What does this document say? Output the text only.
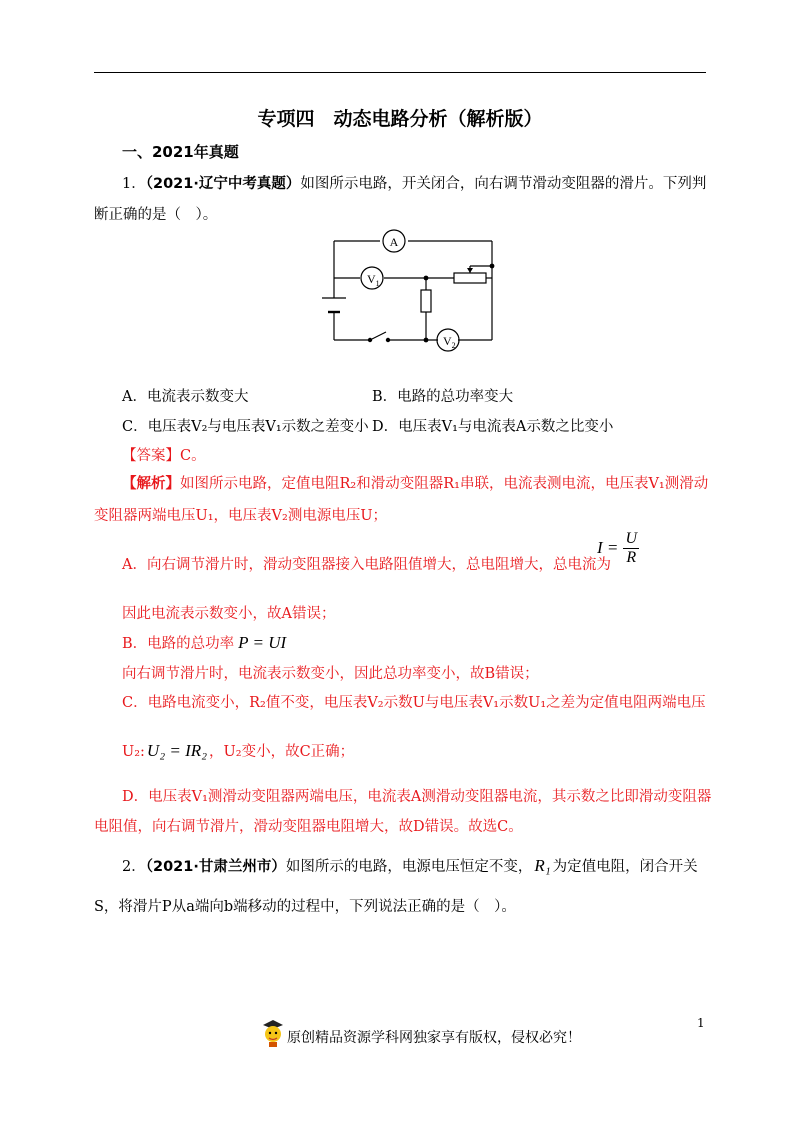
专项四　动态电路分析（解析版）
一、2021年真题
1．（2021·辽宁中考真题）如图所示电路，开关闭合，向右调节滑动变阻器的滑片。下列判
断正确的是（　）。
A
$V_1$
$V_2$
A．电流表示数变大	B．电路的总功率变大
C．电压表V₂与电压表V₁示数之差变小 D．电压表V₁与电流表A示数之比变小
【答案】C。
【解析】如图所示电路，定值电阻R₂和滑动变阻器R₁串联，电流表测电流，电压表V₁测滑动
变阻器两端电压U₁，电压表V₂测电源电压U；
A．向右调节滑片时，滑动变阻器接入电路阻值增大，总电阻增大，总电流为
$I = \frac{U}{R}$
因此电流表示数变小，故A错误；
B．电路的总功率 P = UI
向右调节滑片时，电流表示数变小，因此总功率变小，故B错误；
C．电路电流变小，R₂值不变，电压表V₂示数U与电压表V₁示数U₁之差为定值电阻两端电压
U₂: U₂ = IR₂ ，U₂变小，故C正确；
D．电压表V₁测滑动变阻器两端电压，电流表A测滑动变阻器电流，其示数之比即滑动变阻器
电阻值，向右调节滑片，滑动变阻器电阻增大，故D错误。故选C。
2．（2021·甘肃兰州市）如图所示的电路，电源电压恒定不变， R₁ 为定值电阻，闭合开关
S，将滑片P从a端向b端移动的过程中，下列说法正确的是（　）。
1
原创精品资源学科网独家享有版权，侵权必究！
